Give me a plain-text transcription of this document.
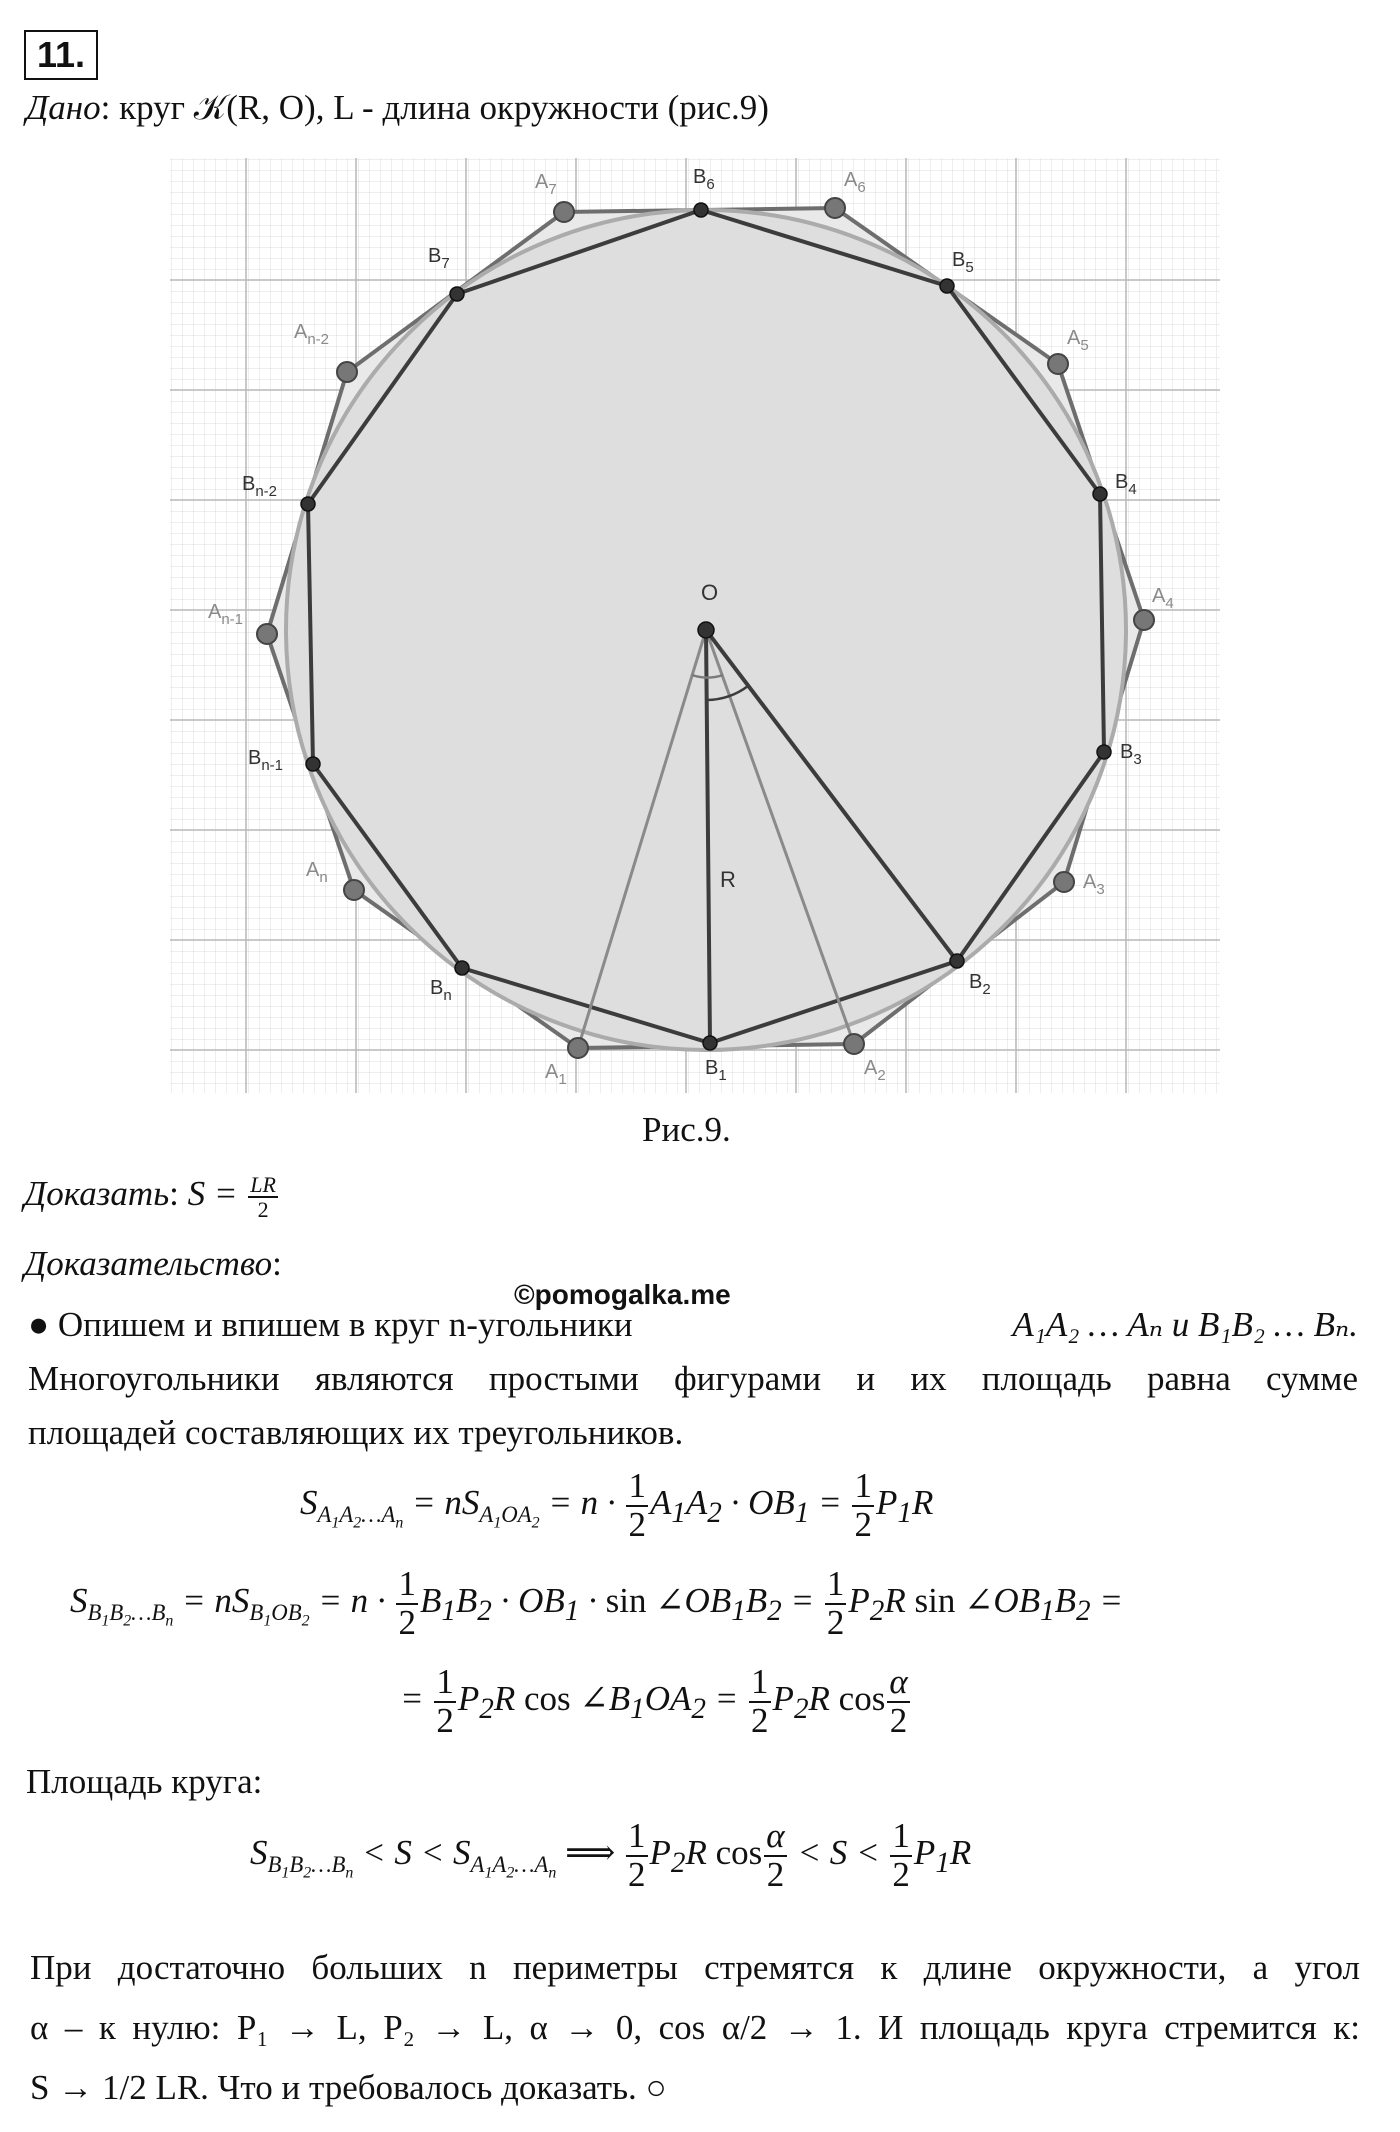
11.
Дано: круг 𝒦(R, O), L - длина окружности (рис.9)
O
R
$A_7$	$A_6$
$A_5$
$A_4$
$A_3$
$A_2$
$A_1$
$A_n$
$A_{n-1}$
$A_{n-2}$
$B_6$
$B_5$
$B_4$
$B_3$
$B_2$
$B_1$
$B_n$
$B_{n-1}$
$B_{n-2}$
$B_7$
Рис.9.
Доказать: $S = \frac{LR}{2}$
Доказательство:
©pomogalka.me
● Опишем и впишем в круг n-угольники	A₁A₂ … Aₙ и B₁B₂ … Bₙ.
Многоугольники являются простыми фигурами и их площадь равна сумме
площадей составляющих их треугольников.
$S_{A_1A_2\dots A_n} = nS_{A_1OA_2} = n \cdot \frac{1}{2} A_1A_2 \cdot OB_1 = \frac{1}{2} P_1R$
$S_{B_1B_2\dots B_n} = nS_{B_1OB_2} = n \cdot \frac{1}{2} B_1B_2 \cdot OB_1 \cdot \sin$ $\angle OB_1B_2 = \frac{1}{2} P_2R$ $\sin \angle OB_1B_2$ =
= $\frac{1}{2} P_2R$ $\cos \angle B_1OA_2 = \frac{1}{2} P_2R$ $\cos \frac{\alpha}{2}$
Площадь круга:
$S_{B_1B_2\dots B_n} < S < S_{A_1A_2\dots A_n}$ ⟹ $\frac{1}{2} P_2R$ $\cos \frac{\alpha}{2} < S < \frac{1}{2} P_1R$
При достаточно больших n периметры стремятся к длине окружности, а угол
α – к нулю: P₁ → L, P₂ → L, α → 0, cos α/2 → 1. И площадь круга стремится к:
S → 1/2 LR. Что и требовалось доказать. ○
